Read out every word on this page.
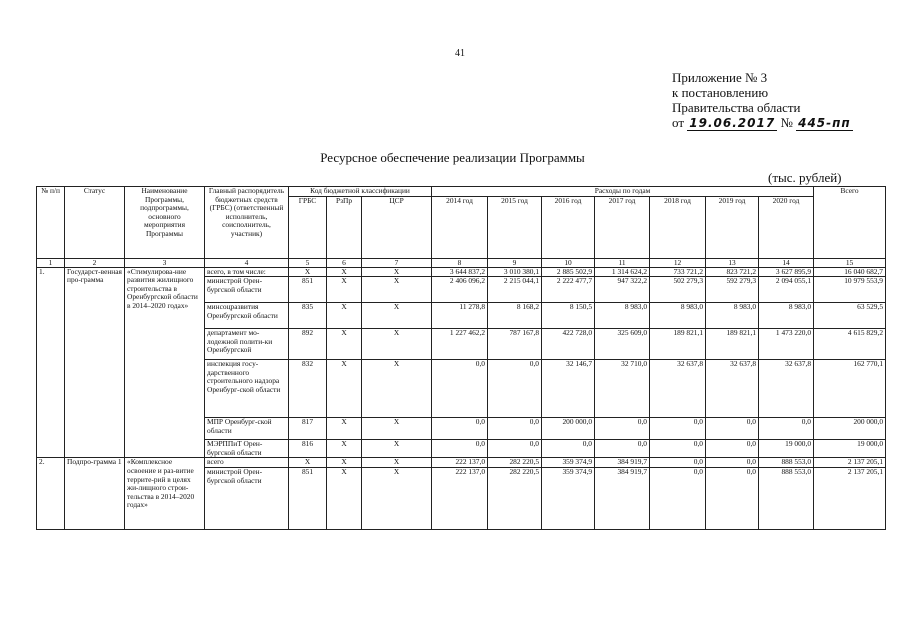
41
Приложение № 3
к постановлению
Правительства области
от 19.06.2017 № 445-пп
Ресурсное обеспечение реализации Программы
(тыс. рублей)
№ п/п	Статус	Наименование Программы, подпрограммы, основного мероприятия Программы	Главный распорядитель бюджетных средств (ГРБС) (ответственный исполнитель, соисполнитель, участник)	Код бюджетной классификации			Расходы по годам							Всего
				ГРБС	РзПр	ЦСР	2014 год	2015 год	2016 год	2017 год	2018 год	2019 год	2020 год	
1	2	3	4	5	6	7	8	9	10	11	12	13	14	15
1.	Государст-венная про-грамма	«Стимулирова-ние развития жилищного строительства в Оренбургской области в 2014–2020 годах»	всего, в том числе:	Х	Х	Х	3 644 837,2	3 010 380,1	2 885 502,9	1 314 624,2	733 721,2	823 721,2	3 627 895,9	16 040 682,7
			министрой Орен-бургской области	851	Х	Х	2 406 096,2	2 215 044,1	2 222 477,7	947 322,2	502 279,3	592 279,3	2 094 055,1	10 979 553,9
			минсоцразвития Оренбургской области	835	Х	Х	11 278,8	8 168,2	8 150,5	8 983,0	8 983,0	8 983,0	8 983,0	63 529,5
			департамент мо-лодежной полити-ки Оренбургской	892	Х	Х	1 227 462,2	787 167,8	422 728,0	325 609,0	189 821,1	189 821,1	1 473 220,0	4 615 829,2
			инспекция госу-дарственного строительного надзора Оренбург-ской области	832	Х	Х	0,0	0,0	32 146,7	32 710,0	32 637,8	32 637,8	32 637,8	162 770,1
			МПР Оренбург-ской области	817	Х	Х	0,0	0,0	200 000,0	0,0	0,0	0,0	0,0	200 000,0
			МЭРППиТ Орен-бургской области	816	Х	Х	0,0	0,0	0,0	0,0	0,0	0,0	19 000,0	19 000,0
2.	Подпро-грамма 1	«Комплексное освоение и раз-витие террите-рий в целях жи-лищного строи-тельства в 2014–2020 годах»	всего	Х	Х	Х	222 137,0	282 220,5	359 374,9	384 919,7	0,0	0,0	888 553,0	2 137 205,1
			министрой Орен-бургской области	851	Х	Х	222 137,0	282 220,5	359 374,9	384 919,7	0,0	0,0	888 553,0	2 137 205,1
